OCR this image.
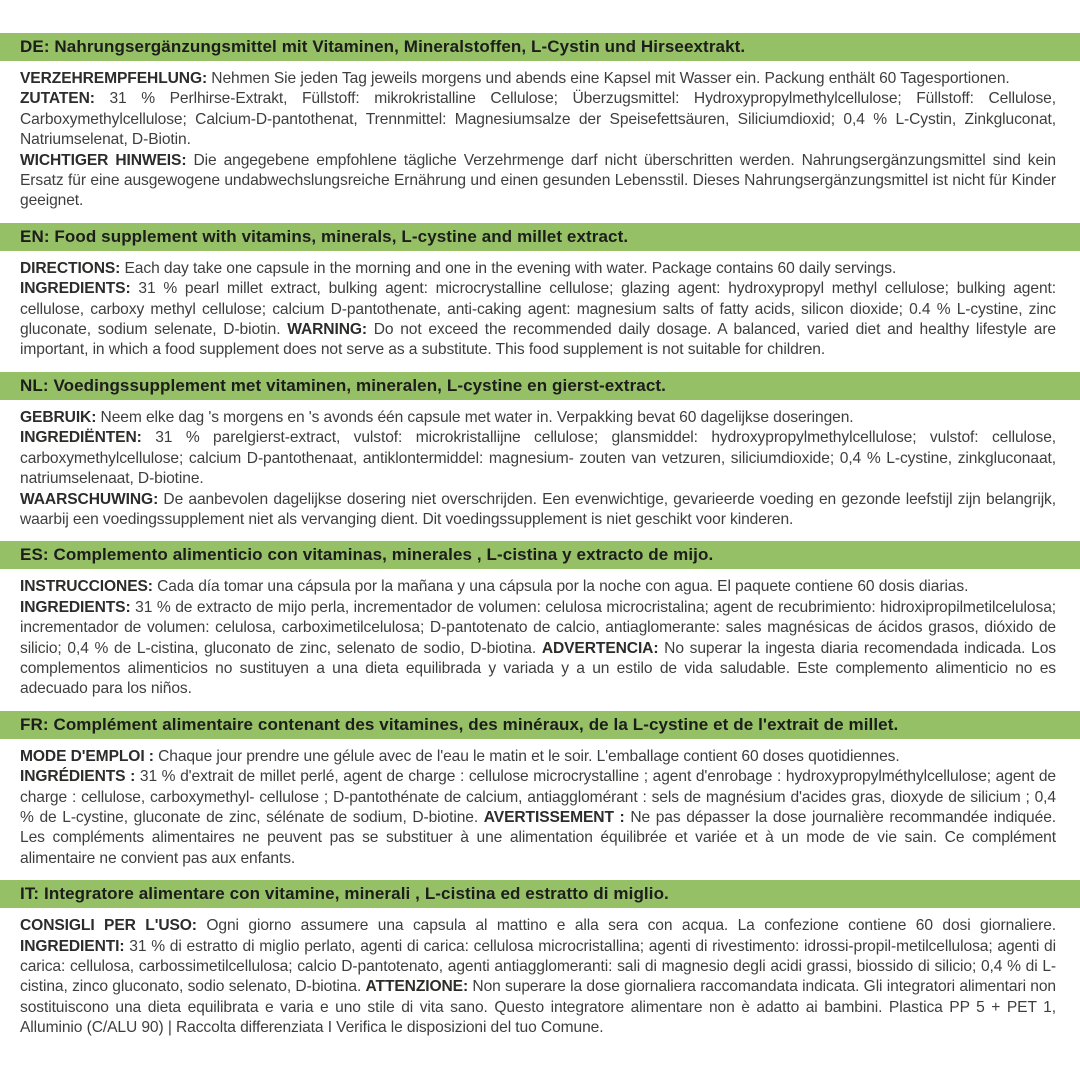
DE: Nahrungsergänzungsmittel mit Vitaminen, Mineralstoffen, L-Cystin und Hirseextrakt.

VERZEHREMPFEHLUNG: Nehmen Sie jeden Tag jeweils morgens und abends eine Kapsel mit Wasser ein. Packung enthält 60 Tagesportionen.

ZUTATEN: 31 % Perlhirse-Extrakt, Füllstoff: mikrokristalline Cellulose; Überzugsmittel: Hydroxypropylmethylcellulose; Füllstoff: Cellulose, Carboxymethylcellulose; Calcium-D-pantothenat, Trennmittel: Magnesiumsalze der Speisefettsäuren, Siliciumdioxid; 0,4 % L-Cystin, Zinkgluconat, Natriumselenat, D-Biotin.

WICHTIGER HINWEIS: Die angegebene empfohlene tägliche Verzehrmenge darf nicht überschritten werden. Nahrungsergänzungsmittel sind kein Ersatz für eine ausgewogene undabwechslungsreiche Ernährung und einen gesunden Lebensstil. Dieses Nahrungsergänzungsmittel ist nicht für Kinder geeignet.

EN: Food supplement with vitamins, minerals, L-cystine and millet extract.

DIRECTIONS: Each day take one capsule in the morning and one in the evening with water. Package contains 60 daily servings.

INGREDIENTS: 31 % pearl millet extract, bulking agent: microcrystalline cellulose; glazing agent: hydroxypropyl methyl cellulose; bulking agent: cellulose, carboxy methyl cellulose; calcium D-pantothenate, anti-caking agent: magnesium salts of fatty acids, silicon dioxide; 0.4 % L-cystine, zinc gluconate, sodium selenate, D-biotin. WARNING: Do not exceed the recommended daily dosage. A balanced, varied diet and healthy lifestyle are important, in which a food supplement does not serve as a substitute. This food supplement is not suitable for children.

NL: Voedingssupplement met vitaminen, mineralen, L-cystine en gierst-extract.

GEBRUIK: Neem elke dag 's morgens en 's avonds één capsule met water in. Verpakking bevat 60 dagelijkse doseringen.

INGREDIËNTEN: 31 % parelgierst-extract, vulstof: microkristallijne cellulose; glansmiddel: hydroxypropylmethylcellulose; vulstof: cellulose, carboxymethylcellulose; calcium D-pantothenaat, antiklontermiddel: magnesium- zouten van vetzuren, siliciumdioxide; 0,4 % L-cystine, zinkgluconaat, natriumselenaat, D-biotine.

WAARSCHUWING: De aanbevolen dagelijkse dosering niet overschrijden. Een evenwichtige, gevarieerde voeding en gezonde leefstijl zijn belangrijk, waarbij een voedingssupplement niet als vervanging dient. Dit voedingssupplement is niet geschikt voor kinderen.

ES: Complemento alimenticio con vitaminas, minerales , L-cistina y extracto de mijo.

INSTRUCCIONES: Cada día tomar una cápsula por la mañana y una cápsula por la noche con agua. El paquete contiene 60 dosis diarias.

INGREDIENTS: 31 % de extracto de mijo perla, incrementador de volumen: celulosa microcristalina; agent de recubrimiento: hidroxipropilmetilcelulosa; incrementador de volumen: celulosa, carboximetilcelulosa; D-pantotenato de calcio, antiaglomerante: sales magnésicas de ácidos grasos, dióxido de silicio; 0,4 % de L-cistina, gluconato de zinc, selenato de sodio, D-biotina. ADVERTENCIA: No superar la ingesta diaria recomendada indicada. Los complementos alimenticios no sustituyen a una dieta equilibrada y variada y a un estilo de vida saludable. Este complemento alimenticio no es adecuado para los niños.

FR: Complément alimentaire contenant des vitamines, des minéraux, de la L-cystine et de l'extrait de millet.

MODE D'EMPLOI : Chaque jour prendre une gélule avec de l'eau le matin et le soir. L'emballage contient 60 doses quotidiennes.

INGRÉDIENTS : 31 % d'extrait de millet perlé, agent de charge : cellulose microcrystalline ; agent d'enrobage : hydroxypropylméthylcellulose; agent de charge : cellulose, carboxymethyl- cellulose ; D-pantothénate de calcium, antiagglomérant : sels de magnésium d'acides gras, dioxyde de silicium ; 0,4 % de L-cystine, gluconate de zinc, sélénate de sodium, D-biotine. AVERTISSEMENT : Ne pas dépasser la dose journalière recommandée indiquée. Les compléments alimentaires ne peuvent pas se substituer à une alimentation équilibrée et variée et à un mode de vie sain. Ce complément alimentaire ne convient pas aux enfants.

IT: Integratore alimentare con vitamine, minerali , L-cistina ed estratto di miglio.

CONSIGLI PER L'USO: Ogni giorno assumere una capsula al mattino e alla sera con acqua. La confezione contiene 60 dosi giornaliere. INGREDIENTI: 31 % di estratto di miglio perlato, agenti di carica: cellulosa microcristallina; agenti di rivestimento: idrossi-propil-metilcellulosa; agenti di carica: cellulosa, carbossimetilcellulosa; calcio D-pantotenato, agenti antiagglomeranti: sali di magnesio degli acidi grassi, biossido di silicio; 0,4 % di L-cistina, zinco gluconato, sodio selenato, D-biotina. ATTENZIONE: Non superare la dose giornaliera raccomandata indicata. Gli integratori alimentari non sostituiscono una dieta equilibrata e varia e uno stile di vita sano. Questo integratore alimentare non è adatto ai bambini. Plastica PP 5 + PET 1, Alluminio (C/ALU 90) | Raccolta differenziata I Verifica le disposizioni del tuo Comune.
